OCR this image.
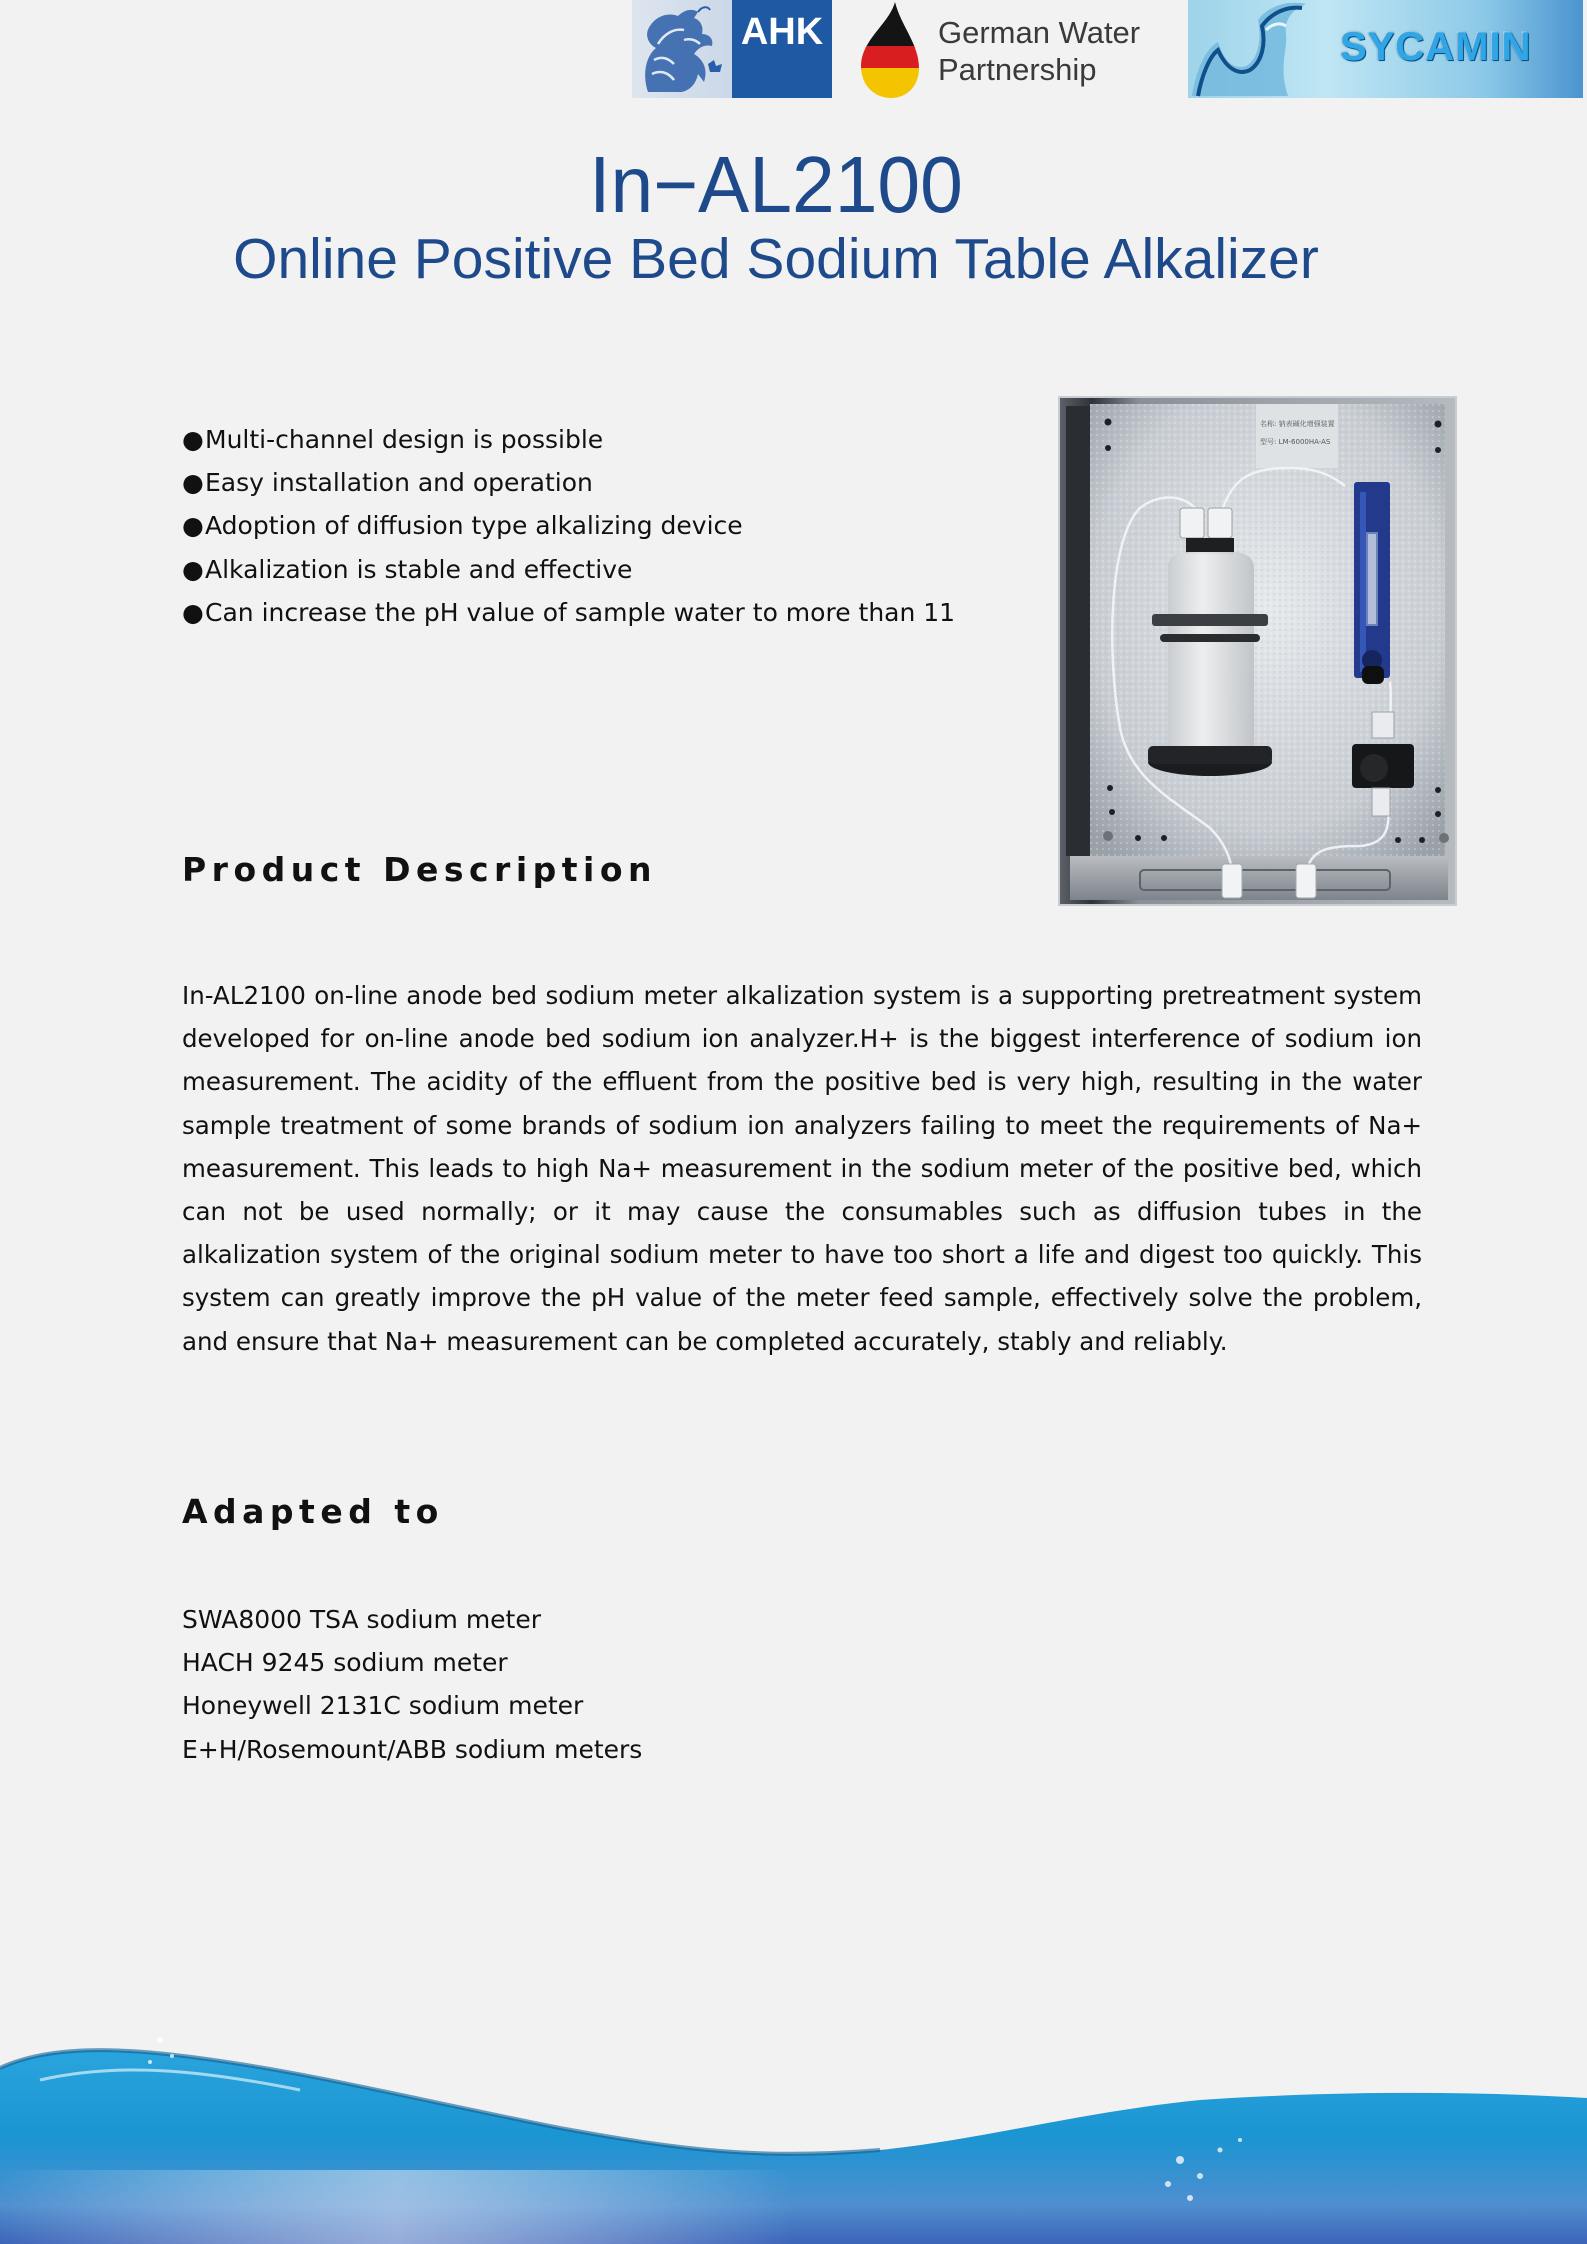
AHK	German Water
Partnership
SYCAMIN
In−AL2100
Online Positive Bed Sodium Table Alkalizer
●Multi-channel design is possible
●Easy installation and operation
●Adoption of diffusion type alkalizing device
●Alkalization is stable and effective
●Can increase the pH value of sample water to more than 11
名称: 钠表碱化增强装置
型号: LM-6000HA-AS
Product Description

In-AL2100 on-line anode bed sodium meter alkalization system is a supporting pretreatment system developed for on-line anode bed sodium ion analyzer.H+ is the biggest interference of sodium ion measurement. The acidity of the effluent from the positive bed is very high, resulting in the water sample treatment of some brands of sodium ion analyzers failing to meet the requirements of Na+ measurement. This leads to high Na+ measurement in the sodium meter of the positive bed, which can not be used normally; or it may cause the consumables such as diffusion tubes in the alkalization system of the original sodium meter to have too short a life and digest too quickly. This system can greatly improve the pH value of the meter feed sample, effectively solve the problem, and ensure that Na+ measurement can be completed accurately, stably and reliably.

Adapted to
SWA8000 TSA sodium meter
HACH 9245 sodium meter
Honeywell 2131C sodium meter
E+H/Rosemount/ABB sodium meters
